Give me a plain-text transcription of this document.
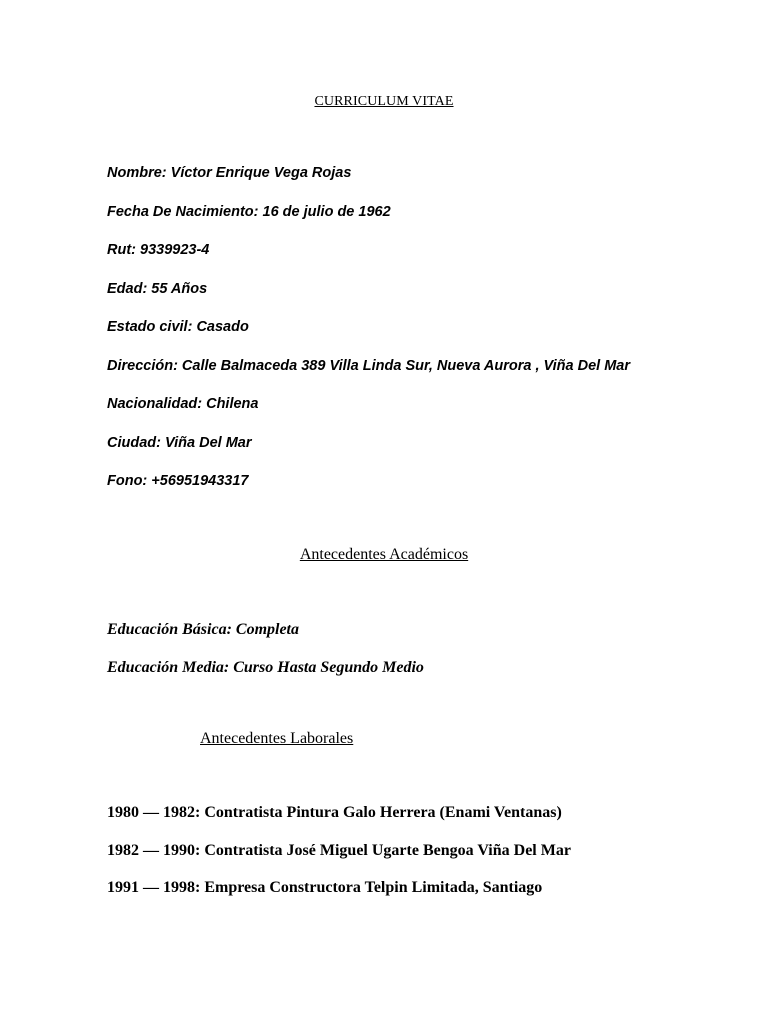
CURRICULUM VITAE
Nombre: Víctor Enrique Vega Rojas
Fecha De Nacimiento: 16 de julio de 1962
Rut: 9339923-4
Edad: 55 Años
Estado civil: Casado
Dirección: Calle Balmaceda 389 Villa Linda Sur, Nueva Aurora , Viña Del Mar
Nacionalidad: Chilena
Ciudad: Viña Del Mar
Fono: +56951943317
Antecedentes Académicos
Educación Básica: Completa
Educación Media: Curso Hasta Segundo Medio
Antecedentes Laborales
1980 — 1982: Contratista Pintura Galo Herrera (Enami Ventanas)
1982 — 1990: Contratista José Miguel Ugarte Bengoa Viña Del Mar
1991 — 1998: Empresa Constructora Telpin Limitada, Santiago
